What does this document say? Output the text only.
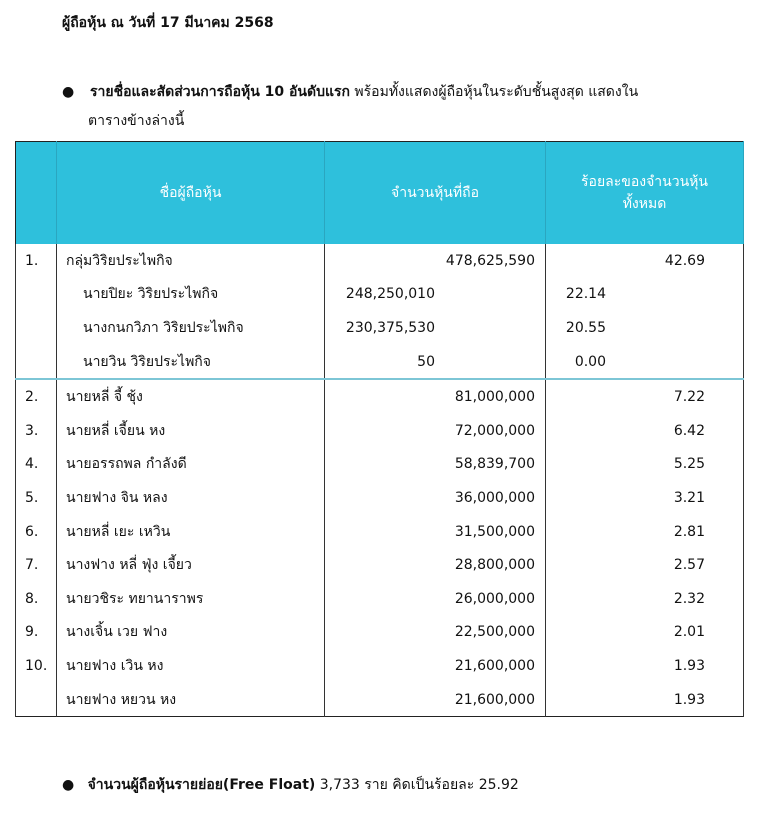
ผู้ถือหุ้น ณ วันที่ 17 มีนาคม 2568
●	รายชื่อและสัดส่วนการถือหุ้น 10 อันดับแรก พร้อมทั้งแสดงผู้ถือหุ้นในระดับชั้นสูงสุด แสดงใน
ตารางข้างล่างนี้
	ชื่อผู้ถือหุ้น	จำนวนหุ้นที่ถือ	ร้อยละของจำนวนหุ้น
ทั้งหมด
1.	กลุ่มวิริยประไพกิจ	478,625,590	42.69
	นายปิยะ วิริยประไพกิจ	248,250,010	22.14
	นางกนกวิภา วิริยประไพกิจ	230,375,530	20.55
	นายวิน วิริยประไพกิจ	50	0.00
2.	นายหลี่ จี้ ชุ้ง	81,000,000	7.22
3.	นายหลี่ เจี้ยน หง	72,000,000	6.42
4.	นายอรรถพล กำลังดี	58,839,700	5.25
5.	นายฟาง จิน หลง	36,000,000	3.21
6.	นายหลี่ เยะ เหวิน	31,500,000	2.81
7.	นางฟาง หลี่ ฟุ่ง เจี้ยว	28,800,000	2.57
8.	นายวชิระ ทยานาราพร	26,000,000	2.32
9.	นางเจิ้น เวย ฟาง	22,500,000	2.01
10.	นายฟาง เวิน หง	21,600,000	1.93
	นายฟาง หยวน หง	21,600,000	1.93
● จำนวนผู้ถือหุ้นรายย่อย(Free Float) 3,733 ราย คิดเป็นร้อยละ 25.92
